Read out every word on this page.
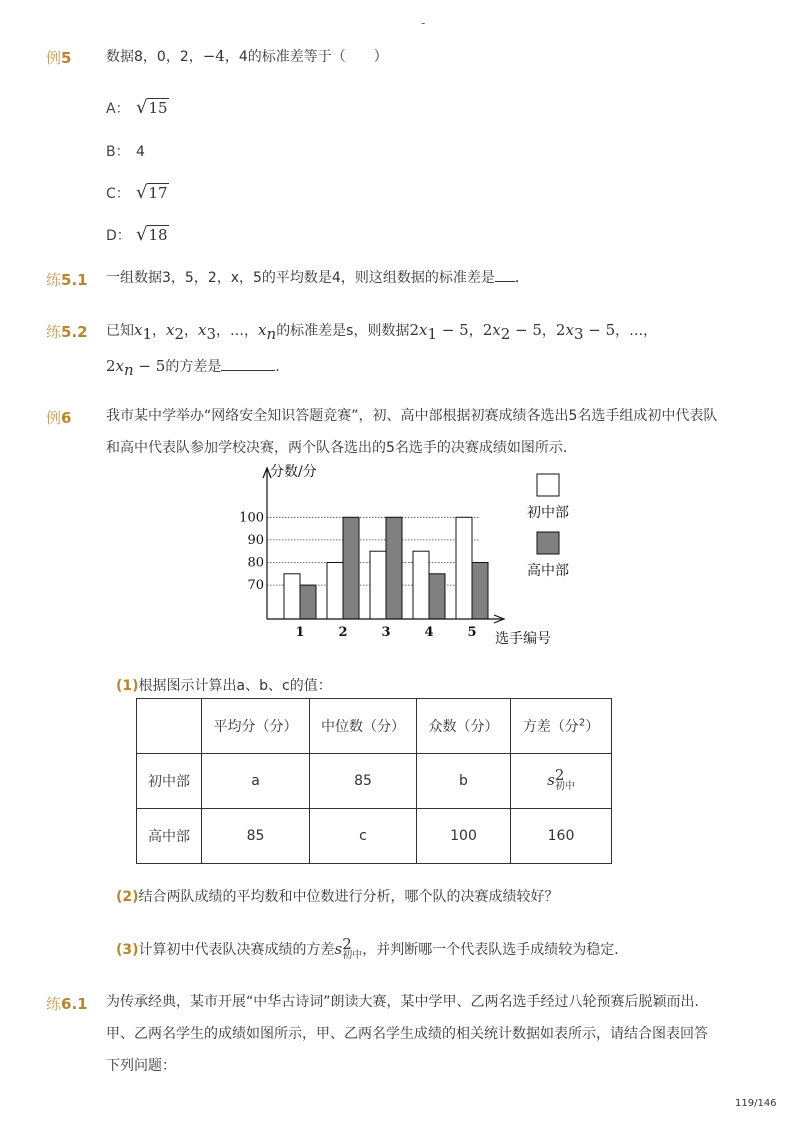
-
例5 数据8，0，2，−4，4的标准差等于（　　）
A： √15
B： 4
C： √17
D： √18
练5.1 一组数据3，5，2，x，5的平均数是4，则这组数据的标准差是 ．
练5.2 已知$x_1$，$x_2$，$x_3$，…，$x_n$的标准差是s，则数据$2x_1 - 5$，$2x_2 - 5$，$2x_3 - 5$，…，
$2x_n - 5$的方差是	．
例6 我市某中学举办“网络安全知识答题竞赛”，初、高中部根据初赛成绩各选出5名选手组成初中代表队和高中代表队参加学校决赛，两个队各选出的5名选手的决赛成绩如图所示．
70
80
90
100
1	2	3	4	5
分数/分
选手编号
初中部
高中部
(1)根据图示计算出a、b、c的值：
	平均分（分）	中位数（分）	众数（分）	方差（分$^2$）
初中部	a	85	b	s 2
初中

高中部	85	c	100	160
(2)结合两队成绩的平均数和中位数进行分析，哪个队的决赛成绩较好？
(3)计算初中代表队决赛成绩的方差s 2
初中 ，并判断哪一个代表队选手成绩较为稳定．
练6.1 为传承经典，某市开展“中华古诗词”朗读大赛，某中学甲、乙两名选手经过八轮预赛后脱颖而出．甲、乙两名学生的成绩如图所示，甲、乙两名学生成绩的相关统计数据如表所示，请结合图表回答下列问题：
119/146
